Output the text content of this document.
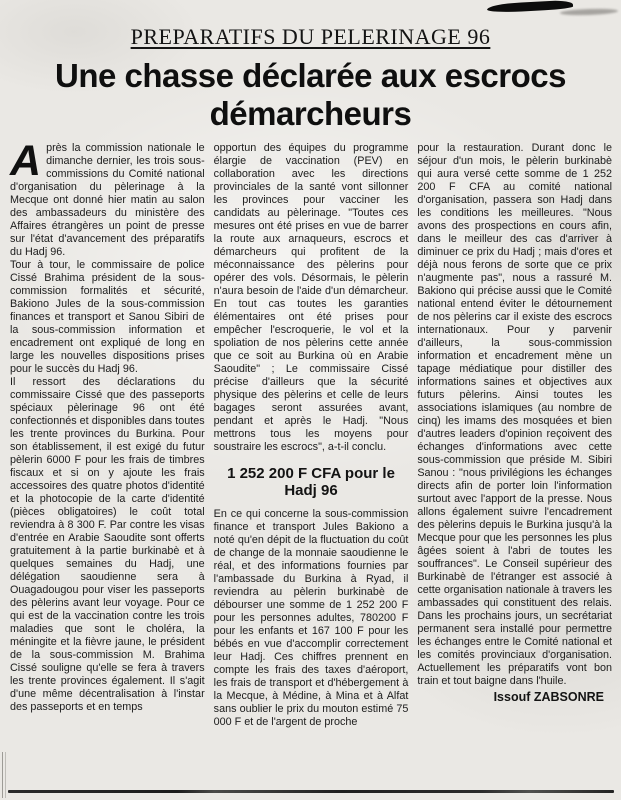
PREPARATIFS DU PELERINAGE 96
Une chasse déclarée aux escrocs démarcheurs

Après la commission nationale le dimanche dernier, les trois sous-commissions du Comité national d'organisation du pèlerinage à la Mecque ont donné hier matin au salon des ambassadeurs du ministère des Affaires étrangères un point de presse sur l'état d'avancement des préparatifs du Hadj 96.

Tour à tour, le commissaire de police Cissé Brahima président de la sous-commission formalités et sécurité, Bakiono Jules de la sous-commission finances et transport et Sanou Sibiri de la sous-commission information et encadrement ont expliqué de long en large les nouvelles dispositions prises pour le succès du Hadj 96.

Il ressort des déclarations du commissaire Cissé que des passeports spéciaux pèlerinage 96 ont été confectionnés et disponibles dans toutes les trente provinces du Burkina. Pour son établissement, il est exigé du futur pèlerin 6000 F pour les frais de timbres fiscaux et si on y ajoute les frais accessoires des quatre photos d'identité et la photocopie de la carte d'identité (pièces obligatoires) le coût total reviendra à 8 300 F. Par contre les visas d'entrée en Arabie Saoudite sont offerts gratuitement à la partie burkinabè et à quelques semaines du Hadj, une délégation saoudienne sera à Ouagadougou pour viser les passeports des pèlerins avant leur voyage. Pour ce qui est de la vaccination contre les trois maladies que sont le choléra, la méningite et la fièvre jaune, le président de la sous-commission M. Brahima Cissé souligne qu'elle se fera à travers les trente provinces également. Il s'agit d'une même décentralisation à l'instar des passeports et en temps

opportun des équipes du programme élargie de vaccination (PEV) en collaboration avec les directions provinciales de la santé vont sillonner les provinces pour vacciner les candidats au pèlerinage. "Toutes ces mesures ont été prises en vue de barrer la route aux arnaqueurs, escrocs et démarcheurs qui profitent de la méconnaissance des pèlerins pour opérer des vols. Désormais, le pèlerin n'aura besoin de l'aide d'un démarcheur. En tout cas toutes les garanties élémentaires ont été prises pour empêcher l'escroquerie, le vol et la spoliation de nos pèlerins cette année que ce soit au Burkina où en Arabie Saoudite" ; Le commissaire Cissé précise d'ailleurs que la sécurité physique des pèlerins et celle de leurs bagages seront assurées avant, pendant et après le Hadj. "Nous mettrons tous les moyens pour soustraire les escrocs", a-t-il conclu.

1 252 200 F CFA pour le Hadj 96

En ce qui concerne la sous-commission finance et transport Jules Bakiono a noté qu'en dépit de la fluctuation du coût de change de la monnaie saoudienne le réal, et des informations fournies par l'ambassade du Burkina à Ryad, il reviendra au pèlerin burkinabè de débourser une somme de 1 252 200 F pour les personnes adultes, 780200 F pour les enfants et 167 100 F pour les bébés en vue d'accomplir correctement leur Hadj. Ces chiffres prennent en compte les frais des taxes d'aéroport, les frais de transport et d'hébergement à la Mecque, à Médine, à Mina et à Alfat sans oublier le prix du mouton estimé 75 000 F et de l'argent de proche

pour la restauration. Durant donc le séjour d'un mois, le pèlerin burkinabè qui aura versé cette somme de 1 252 200 F CFA au comité national d'organisation, passera son Hadj dans les conditions les meilleures. "Nous avons des prospections en cours afin, dans le meilleur des cas d'arriver à diminuer ce prix du Hadj ; mais d'ores et déjà nous ferons de sorte que ce prix n'augmente pas", nous a rassuré M. Bakiono qui précise aussi que le Comité national entend éviter le détournement de nos pèlerins car il existe des escrocs internationaux. Pour y parvenir d'ailleurs, la sous-commission information et encadrement mène un tapage médiatique pour distiller des informations saines et objectives aux futurs pèlerins. Ainsi toutes les associations islamiques (au nombre de cinq) les imams des mosquées et bien d'autres leaders d'opinion reçoivent des échanges d'informations avec cette sous-commission que préside M. Sibiri Sanou : "nous privilégions les échanges directs afin de porter loin l'information surtout avec l'apport de la presse. Nous allons également suivre l'encadrement des pèlerins depuis le Burkina jusqu'à la Mecque pour que les personnes les plus âgées soient à l'abri de toutes les souffrances". Le Conseil supérieur des Burkinabè de l'étranger est associé à cette organisation nationale à travers les ambassades qui constituent des relais. Dans les prochains jours, un secrétariat permanent sera installé pour permettre les échanges entre le Comité national et les comités provinciaux d'organisation. Actuellement les préparatifs vont bon train et tout baigne dans l'huile.

Issouf ZABSONRE
